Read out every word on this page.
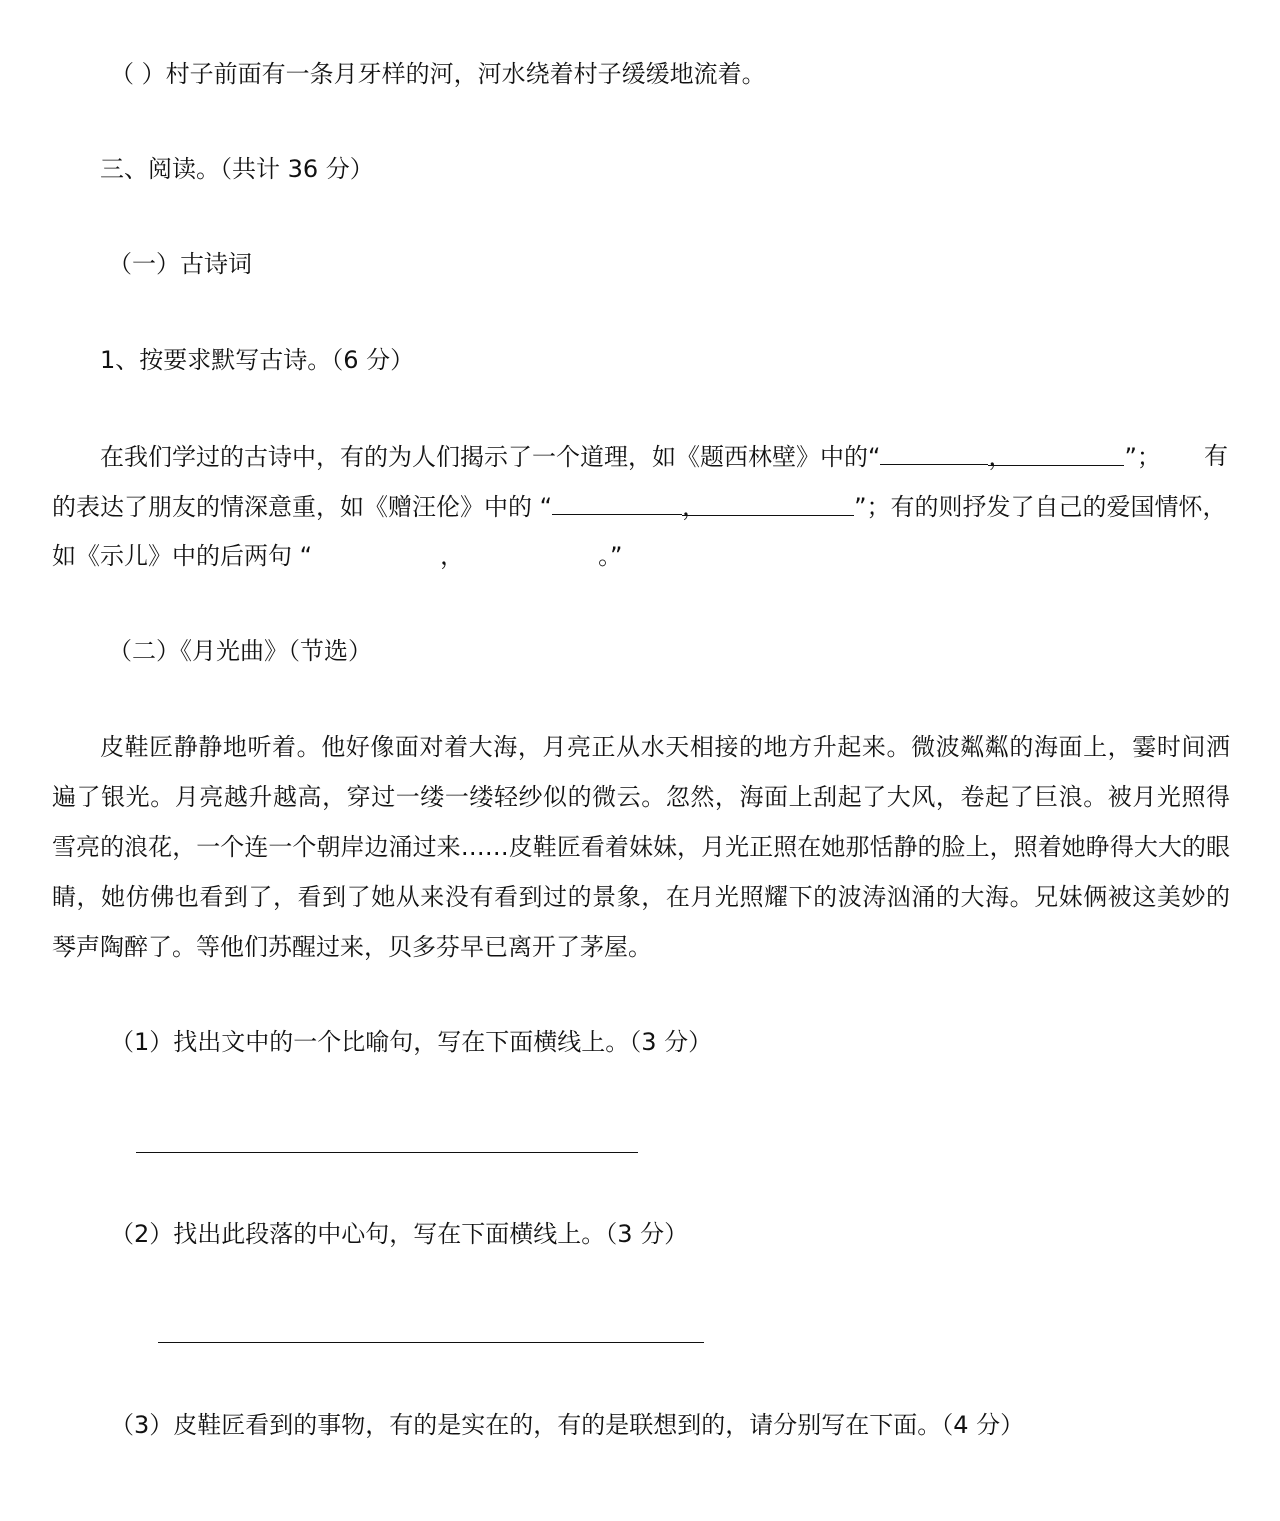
（ ）村子前面有一条月牙样的河，河水绕着村子缓缓地流着。
三、阅读。（共计 36 分）
（一）古诗词
1、按要求默写古诗。（6 分）
在我们学过的古诗中，有的为人们揭示了一个道理，如《题西林壁》中的“	，	”； 有
的表达了朋友的情深意重，如《赠汪伦》中的 “	，	”；有的则抒发了自己的爱国情怀，
如《示儿》中的后两句 “	，	。”
（二）《月光曲》（节选）
皮鞋匠静静地听着。他好像面对着大海，月亮正从水天相接的地方升起来。微波粼粼的海面上，霎时间洒
遍了银光。月亮越升越高，穿过一缕一缕轻纱似的微云。忽然，海面上刮起了大风，卷起了巨浪。被月光照得
雪亮的浪花，一个连一个朝岸边涌过来……皮鞋匠看着妹妹，月光正照在她那恬静的脸上，照着她睁得大大的眼
睛，她仿佛也看到了，看到了她从来没有看到过的景象，在月光照耀下的波涛汹涌的大海。兄妹俩被这美妙的
琴声陶醉了。等他们苏醒过来，贝多芬早已离开了茅屋。
（1）找出文中的一个比喻句，写在下面横线上。（3 分）
（2）找出此段落的中心句，写在下面横线上。（3 分）
（3）皮鞋匠看到的事物，有的是实在的，有的是联想到的，请分别写在下面。（4 分）
